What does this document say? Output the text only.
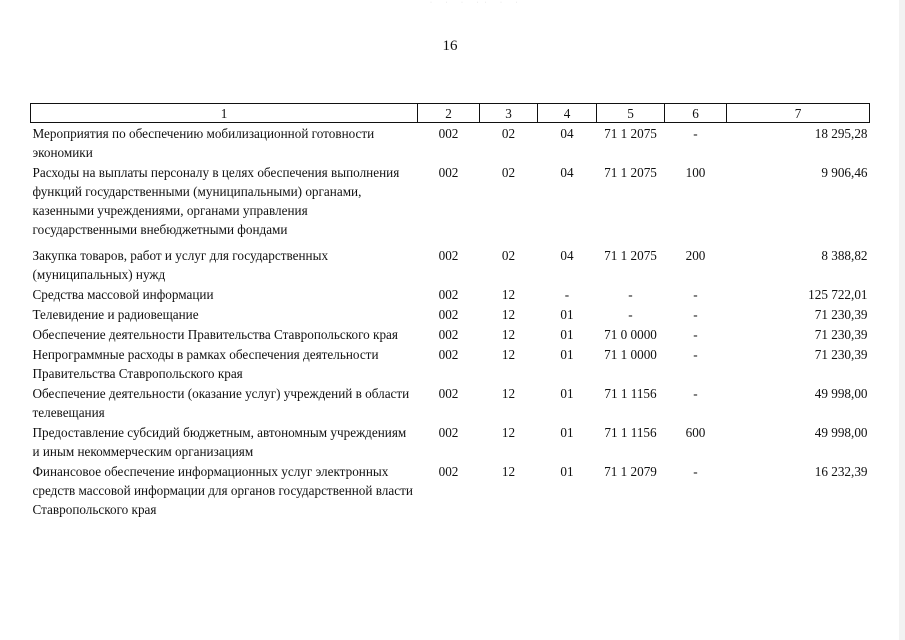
· · · ·· · ·
16
1	2	3	4	5	6	7
Мероприятия по обеспечению мобилизационной готовности экономики	002	02	04	71 1 2075	-	18 295,28
Расходы на выплаты персоналу в целях обеспечения выполнения функций государственными (муниципальными) органами, казенными учреждениями, органами управления государственными внебюджетными фондами	002	02	04	71 1 2075	100	9 906,46

Закупка товаров, работ и услуг для государственных (муниципальных) нужд	002	02	04	71 1 2075	200	8 388,82
Средства массовой информации	002	12	-	-	-	125 722,01
Телевидение и радиовещание	002	12	01	-	-	71 230,39
Обеспечение деятельности Правительства Ставропольского края	002	12	01	71 0 0000	-	71 230,39
Непрограммные расходы в рамках обеспечения деятельности Правительства Ставропольского края	002	12	01	71 1 0000	-	71 230,39
Обеспечение деятельности (оказание услуг) учреждений в области телевещания	002	12	01	71 1 1156	-	49 998,00
Предоставление субсидий бюджетным, автономным учреждениям и иным некоммерческим организациям	002	12	01	71 1 1156	600	49 998,00
Финансовое обеспечение информационных услуг электронных средств массовой информации для органов государственной власти Ставропольского края	002	12	01	71 1 2079	-	16 232,39
